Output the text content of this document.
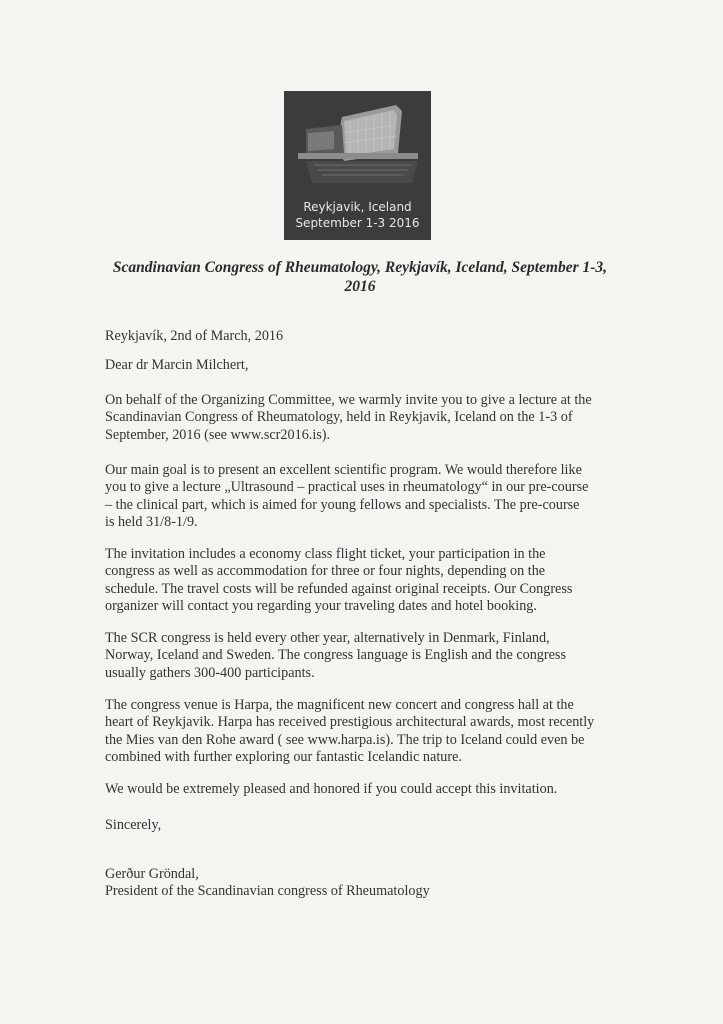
Reykjavik, Iceland
September 1-3 2016
Scandinavian Congress of Rheumatology, Reykjavík, Iceland, September 1-3,
2016
Reykjavík, 2nd of March, 2016
Dear dr Marcin Milchert,
On behalf of the Organizing Committee, we warmly invite you to give a lecture at the
Scandinavian Congress of Rheumatology, held in Reykjavik, Iceland on the 1-3 of
September, 2016 (see www.scr2016.is).
Our main goal is to present an excellent scientific program. We would therefore like
you to give a lecture „Ultrasound – practical uses in rheumatology“ in our pre-course
– the clinical part, which is aimed for young fellows and specialists. The pre-course
is held 31/8-1/9.
The invitation includes a economy class flight ticket, your participation in the
congress as well as accommodation for three or four nights, depending on the
schedule. The travel costs will be refunded against original receipts. Our Congress
organizer will contact you regarding your traveling dates and hotel booking.
The SCR congress is held every other year, alternatively in Denmark, Finland,
Norway, Iceland and Sweden. The congress language is English and the congress
usually gathers 300-400 participants.
The congress venue is Harpa, the magnificent new concert and congress hall at the
heart of Reykjavik. Harpa has received prestigious architectural awards, most recently
the Mies van den Rohe award ( see www.harpa.is). The trip to Iceland could even be
combined with further exploring our fantastic Icelandic nature.
We would be extremely pleased and honored if you could accept this invitation.
Sincerely,
Gerður Gröndal,
President of the Scandinavian congress of Rheumatology
